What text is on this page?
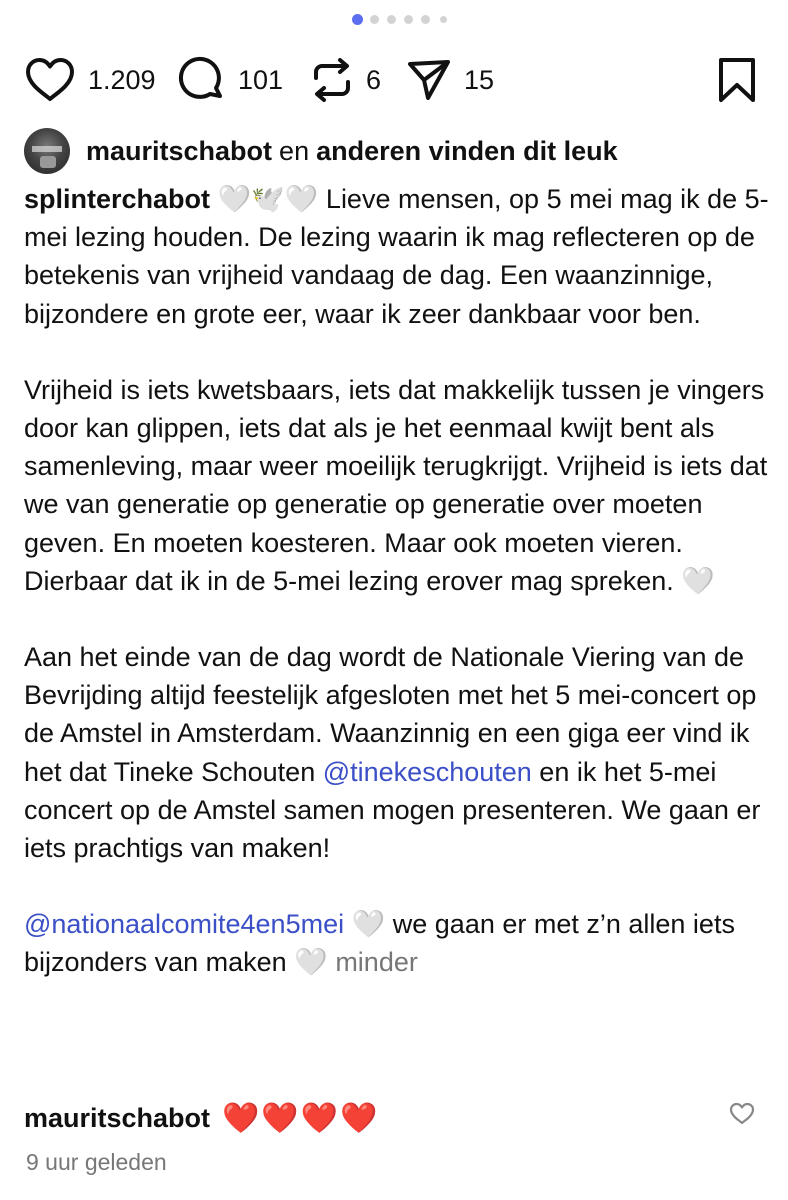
1.209	101	6	15
mauritschabot en anderen vinden dit leuk

splinterchabot 🤍🕊️🤍 Lieve mensen, op 5 mei mag ik de 5-mei lezing houden. De lezing waarin ik mag reflecteren op de betekenis van vrijheid vandaag de dag. Een waanzinnige, bijzondere en grote eer, waar ik zeer dankbaar voor ben.

Vrijheid is iets kwetsbaars, iets dat makkelijk tussen je vingers door kan glippen, iets dat als je het eenmaal kwijt bent als samenleving, maar weer moeilijk terugkrijgt. Vrijheid is iets dat we van generatie op generatie op generatie over moeten geven. En moeten koesteren. Maar ook moeten vieren. Dierbaar dat ik in de 5-mei lezing erover mag spreken. 🤍

Aan het einde van de dag wordt de Nationale Viering van de Bevrijding altijd feestelijk afgesloten met het 5 mei-concert op de Amstel in Amsterdam. Waanzinnig en een giga eer vind ik het dat Tineke Schouten @tinekeschouten en ik het 5-mei concert op de Amstel samen mogen presenteren. We gaan er iets prachtigs van maken!

@nationaalcomite4en5mei 🤍 we gaan er met z’n allen iets bijzonders van maken 🤍 minder

mauritschabot ❤️❤️❤️❤️
9 uur geleden
